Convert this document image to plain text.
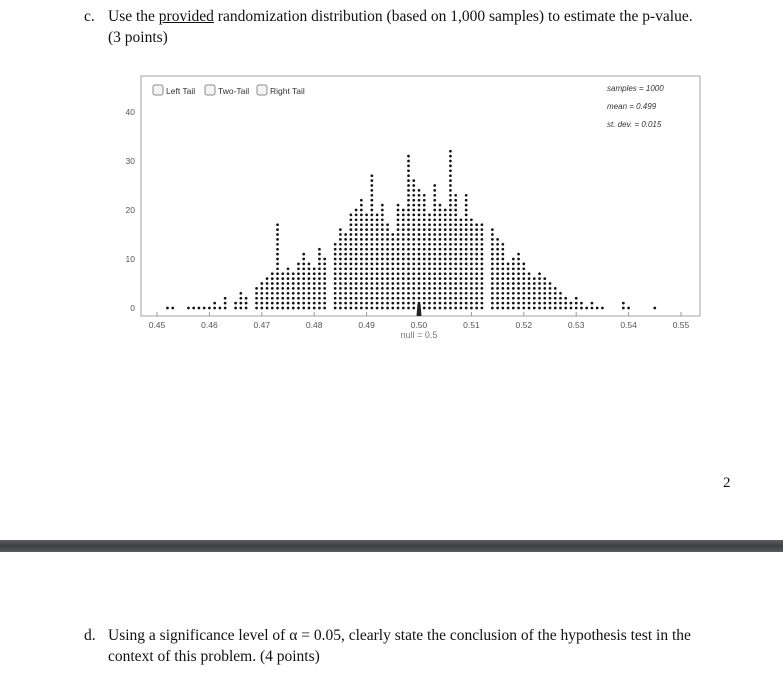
c. Use the provided randomization distribution (based on 1,000 samples) to estimate the p-value.
(3 points)
0
10
20
30
40
0.45	0.46	0.47	0.48	0.49	0.50	0.51	0.52	0.53	0.54	0.55
Left Tail	Two-Tail Right Tail	samples = 1000
mean = 0.499
st. dev. = 0.015
null = 0.5
2
d. Using a significance level of α = 0.05, clearly state the conclusion of the hypothesis test in the
context of this problem. (4 points)
